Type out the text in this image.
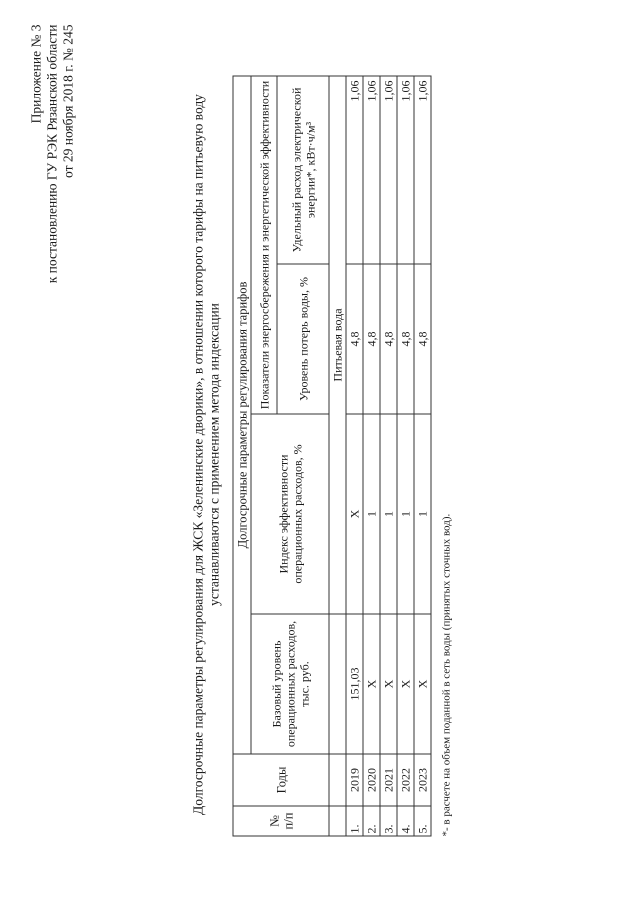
Приложение № 3 к постановлению ГУ РЭК Рязанской области от 29 ноября 2018 г. № 245	Долгосрочные параметры регулирования для ЖСК «Зеленинские дворики», в отношении которого тарифы на питьевую воду устанавливаются с применением метода индексации
№ п/п	Годы	Долгосрочные параметры регулирования тарифов			
		Базовый уровень операционных расходов, тыс. руб.	Индекс эффективности операционных расходов, %	Показатели энергосбережения и энергетической эффективности	
				Уровень потерь воды, %	Удельный расход электрической энергии*, кВт·ч/м³
			Питьевая вода		
1.	2019	151,03	X	4,8	1,06
2.	2020	X	1	4,8	1,06
3.	2021	X	1	4,8	1,06
4.	2022	X	1	4,8	1,06
5.	2023	X	1	4,8	1,06
*- в расчете на объем поданной в сеть воды (принятых сточных вод).
